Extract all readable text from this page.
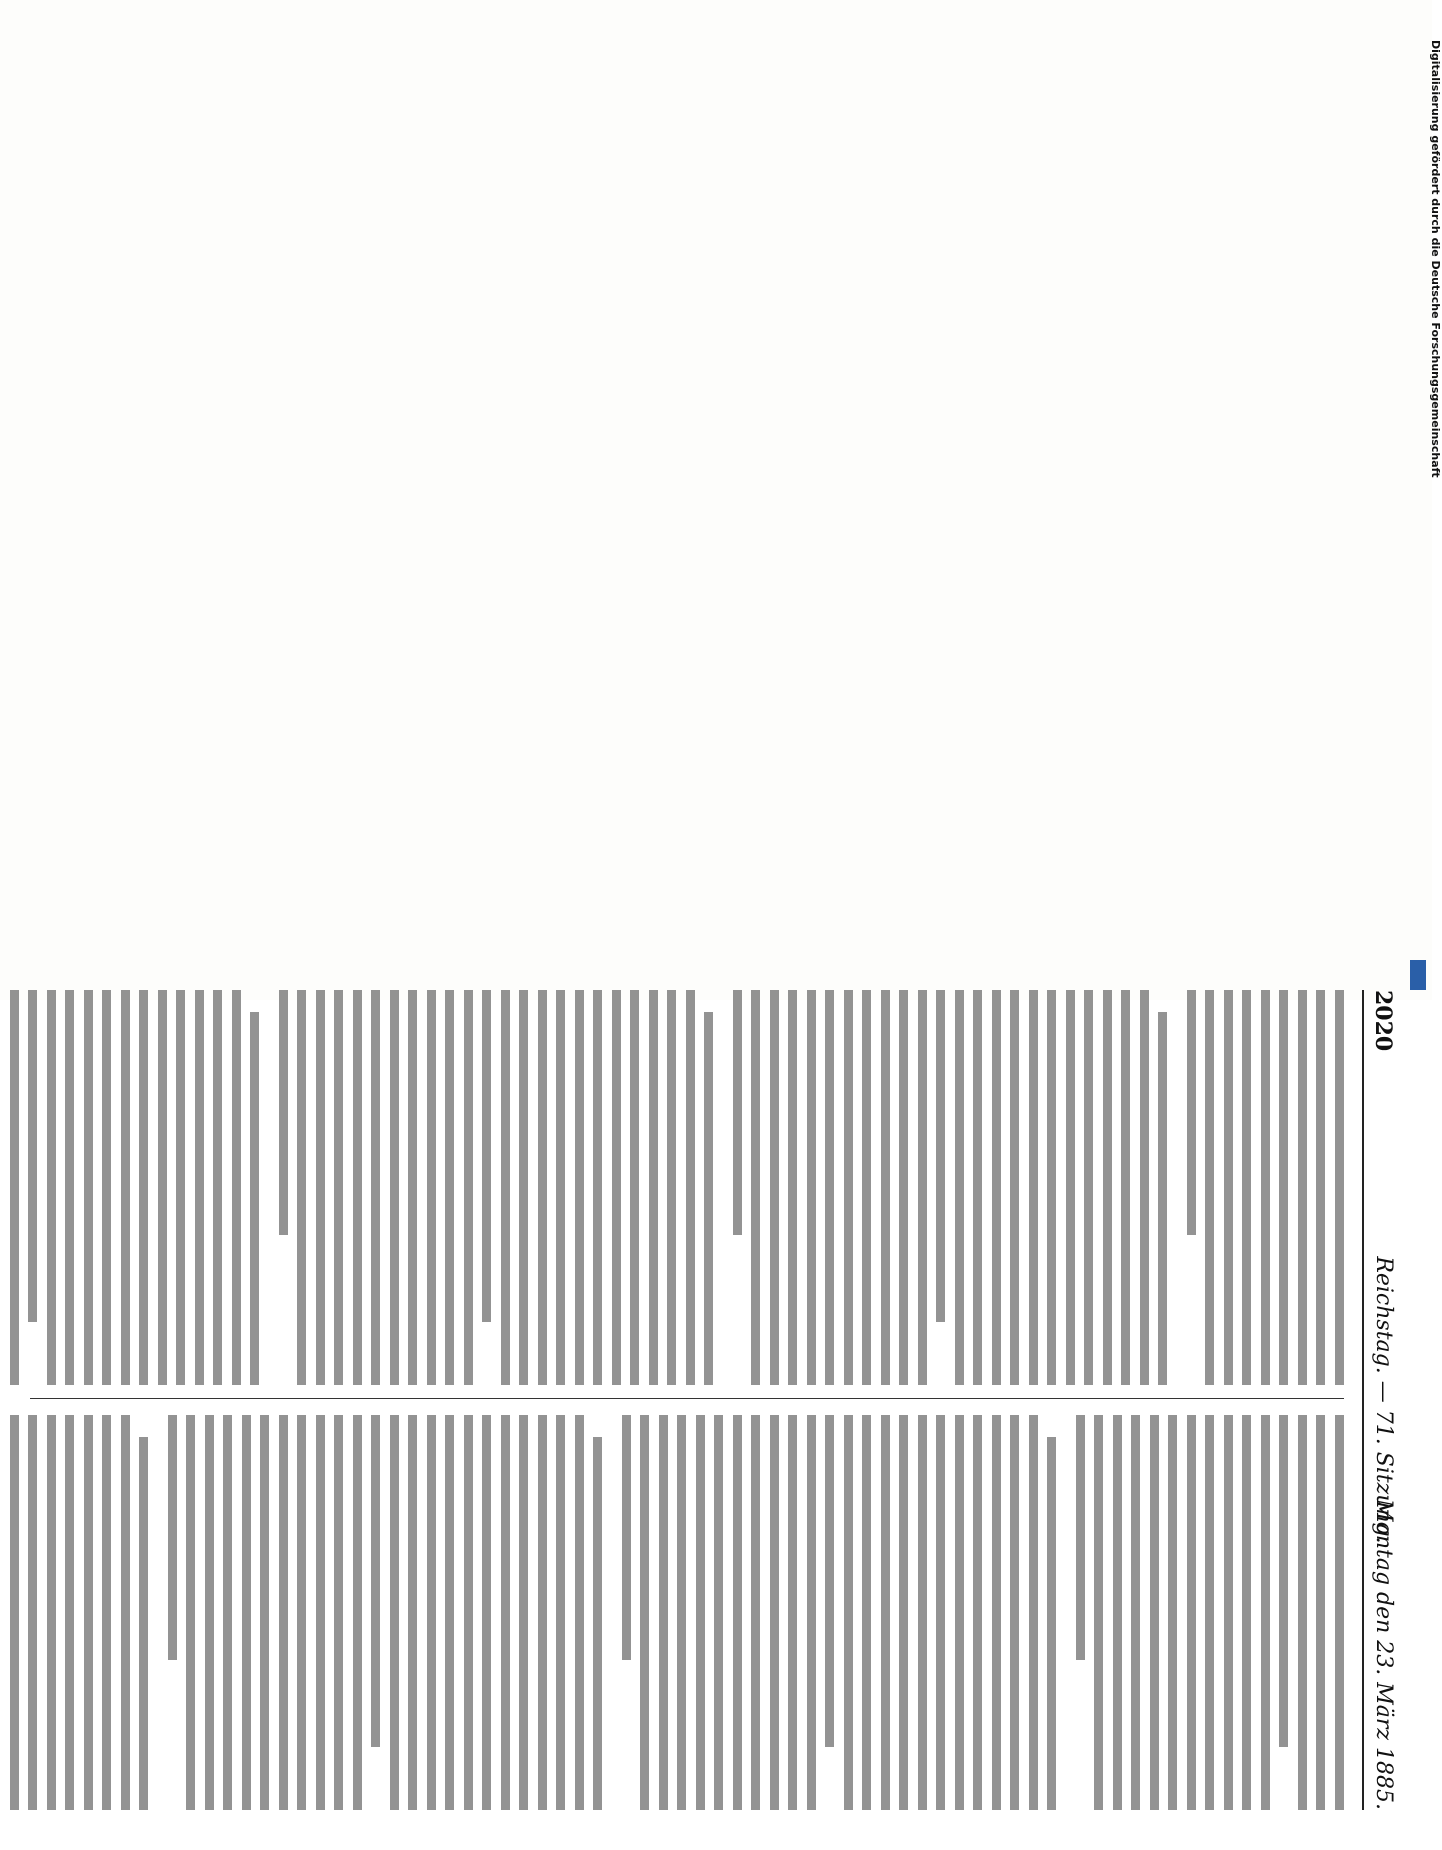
2020
Reichstag. — 71. Sitzung.
Montag den 23. März 1885.
Digitalisierung gefördert durch die Deutsche Forschungsgemeinschaft
